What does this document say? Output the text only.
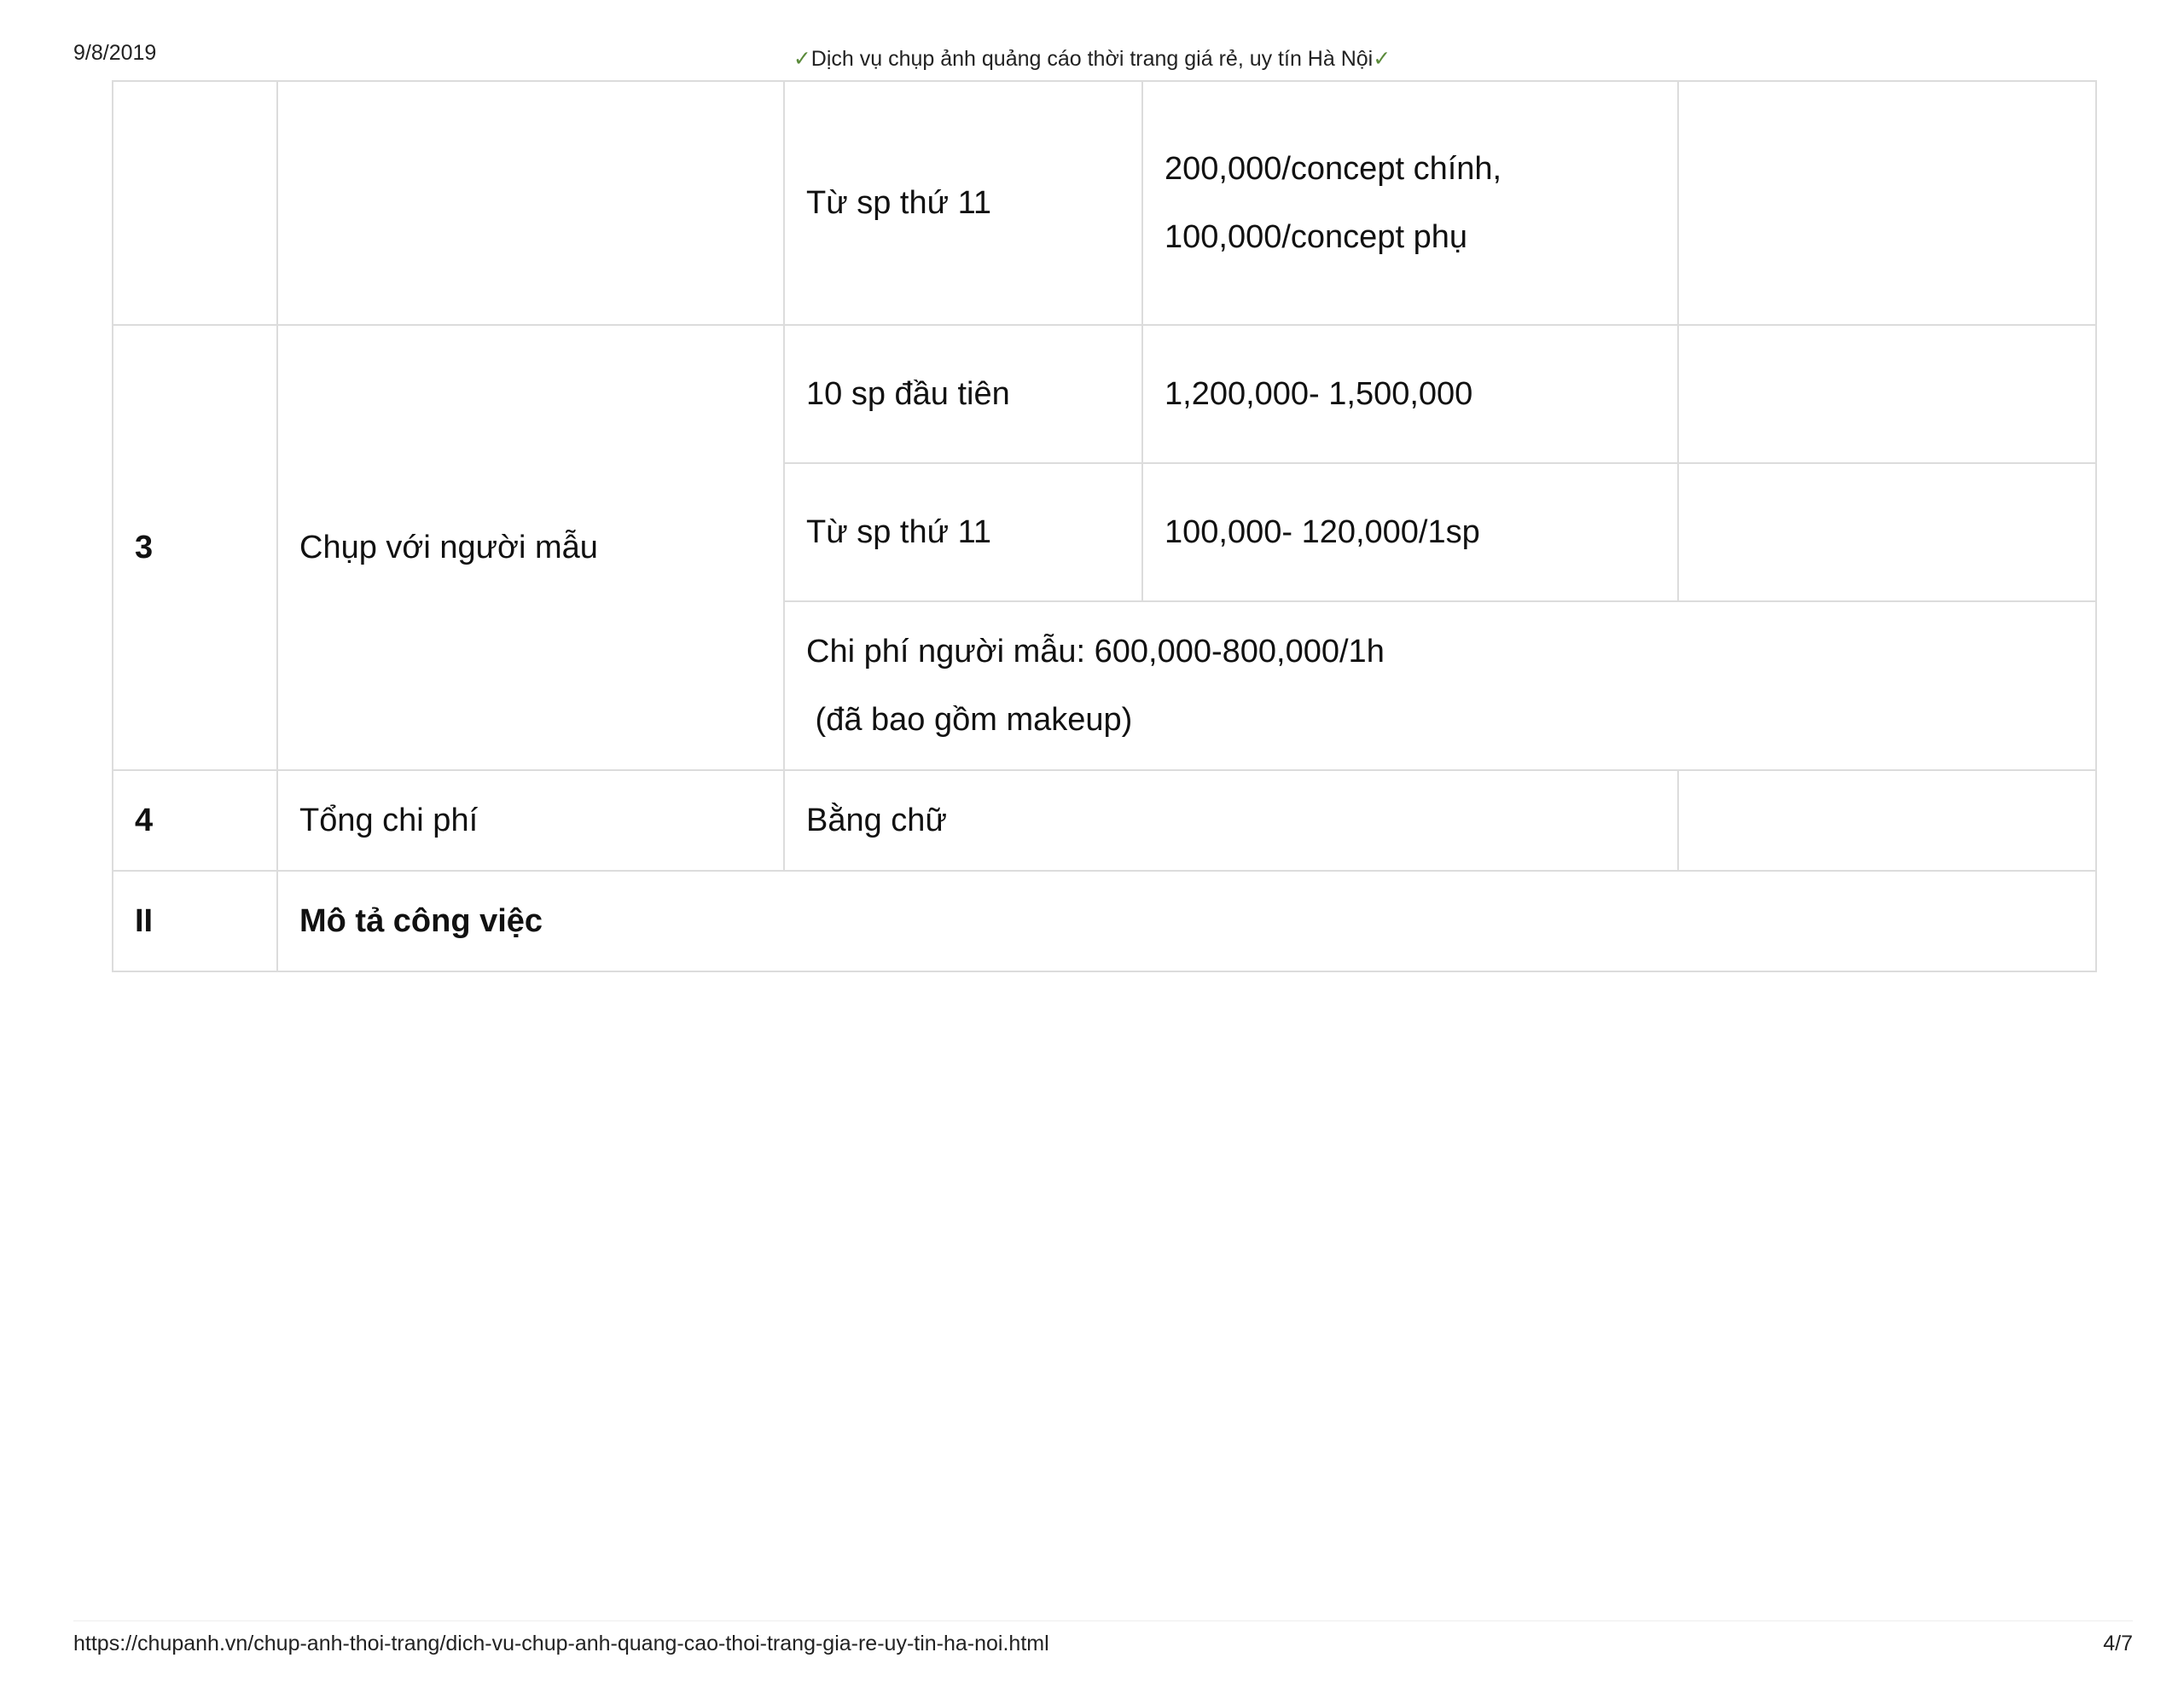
9/8/2019	✓Dịch vụ chụp ảnh quảng cáo thời trang giá rẻ, uy tín Hà Nội✓
		Từ sp thứ 11	200,000/concept chính,
100,000/concept phụ	

3	Chụp với người mẫu	10 sp đầu tiên	1,200,000- 1,500,000	
		Từ sp thứ 11	100,000- 120,000/1sp	

		Chi phí người mẫu: 600,000-800,000/1h
(đã bao gồm makeup)		

4	Tổng chi phí	Bằng chữ		
II	Mô tả công việc			
https://chupanh.vn/chup-anh-thoi-trang/dich-vu-chup-anh-quang-cao-thoi-trang-gia-re-uy-tin-ha-noi.html	4/7
